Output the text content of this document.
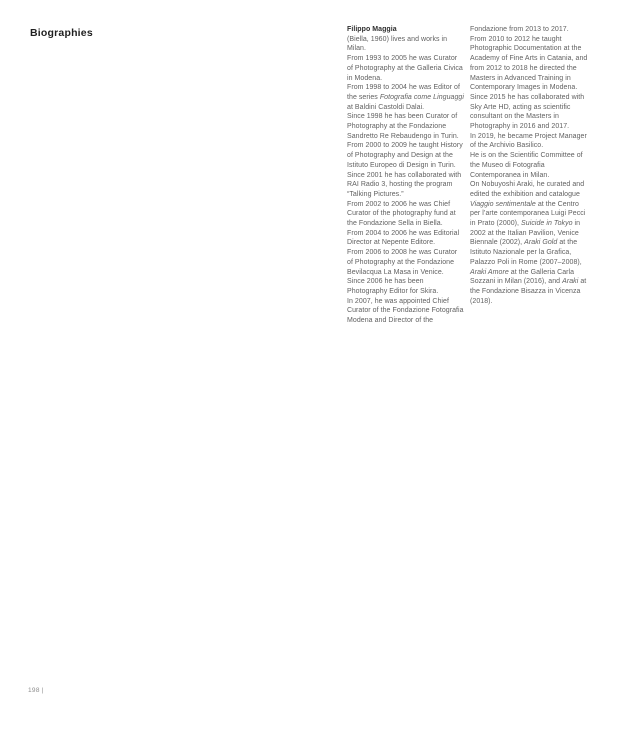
Biographies	Filippo Maggia
(Biella, 1960) lives and works in
Milan.
From 1993 to 2005 he was Curator
of Photography at the Galleria Civica
in Modena.
From 1998 to 2004 he was Editor of
the series Fotografia come Linguaggi
at Baldini Castoldi Dalai.
Since 1998 he has been Curator of
Photography at the Fondazione
Sandretto Re Rebaudengo in Turin.
From 2000 to 2009 he taught History
of Photography and Design at the
Istituto Europeo di Design in Turin.
Since 2001 he has collaborated with
RAI Radio 3, hosting the program
“Talking Pictures.”
From 2002 to 2006 he was Chief
Curator of the photography fund at
the Fondazione Sella in Biella.
From 2004 to 2006 he was Editorial
Director at Nepente Editore.
From 2006 to 2008 he was Curator
of Photography at the Fondazione
Bevilacqua La Masa in Venice.
Since 2006 he has been
Photography Editor for Skira.
In 2007, he was appointed Chief
Curator of the Fondazione Fotografia
Modena and Director of the
Fondazione from 2013 to 2017.
From 2010 to 2012 he taught
Photographic Documentation at the
Academy of Fine Arts in Catania, and
from 2012 to 2018 he directed the
Masters in Advanced Training in
Contemporary Images in Modena.
Since 2015 he has collaborated with
Sky Arte HD, acting as scientific
consultant on the Masters in
Photography in 2016 and 2017.
In 2019, he became Project Manager
of the Archivio Basilico.
He is on the Scientific Committee of
the Museo di Fotografia
Contemporanea in Milan.
On Nobuyoshi Araki, he curated and
edited the exhibition and catalogue
Viaggio sentimentale at the Centro
per l’arte contemporanea Luigi Pecci
in Prato (2000), Suicide in Tokyo in
2002 at the Italian Pavilion, Venice
Biennale (2002), Araki Gold at the
Istituto Nazionale per la Grafica,
Palazzo Poli in Rome (2007–2008),
Araki Amore at the Galleria Carla
Sozzani in Milan (2016), and Araki at
the Fondazione Bisazza in Vicenza
(2018).
198 |
